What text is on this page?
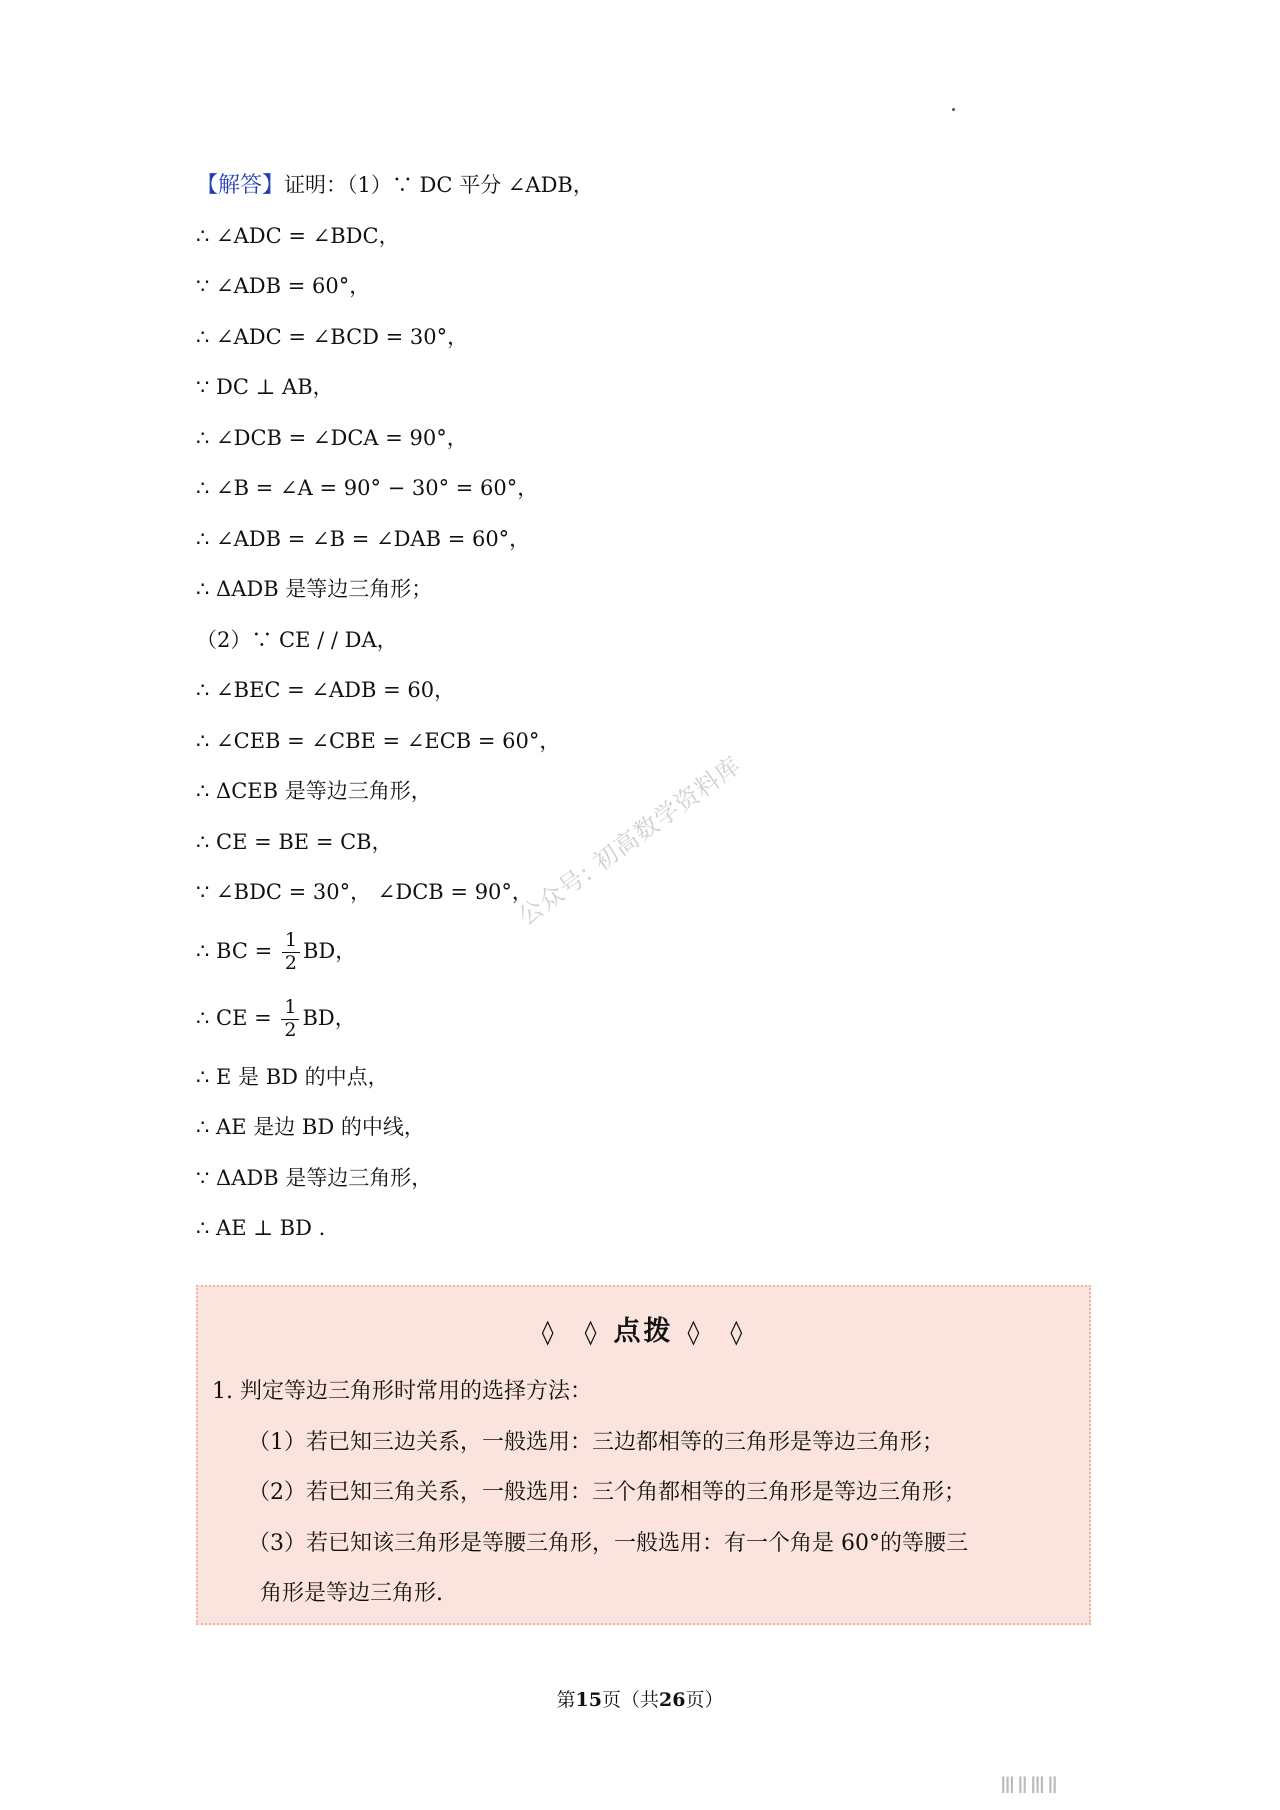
【解答】证明：（1）∵ DC 平分 ∠ADB，
∴ ∠ADC = ∠BDC，
∵ ∠ADB = 60°，
∴ ∠ADC = ∠BCD = 30°，
∵ DC ⊥ AB，
∴ ∠DCB = ∠DCA = 90°，
∴ ∠B = ∠A = 90° − 30° = 60°，
∴ ∠ADB = ∠B = ∠DAB = 60°，
∴ ΔADB 是等边三角形；
（2）∵ CE / / DA，
∴ ∠BEC = ∠ADB = 60，
∴ ∠CEB = ∠CBE = ∠ECB = 60°，
∴ ΔCEB 是等边三角形，
∴ CE = BE = CB，
∵ ∠BDC = 30°， ∠DCB = 90°，
∴ BC = $\frac{1}{2}$ BD，
∴ CE = $\frac{1}{2}$ BD，
∴ E 是 BD 的中点，
∴ AE 是边 BD 的中线，
∵ ΔADB 是等边三角形，
∴ AE ⊥ BD .
公众号: 初高数学资料库
◊ ◊ 点拨 ◊ ◊
1. 判定等边三角形时常用的选择方法：
（1）若已知三边关系，一般选用：三边都相等的三角形是等边三角形；
（2）若已知三角关系，一般选用：三个角都相等的三角形是等边三角形；
（3）若已知该三角形是等腰三角形，一般选用：有一个角是 60°的等腰三
角形是等边三角形.
第15页（共26页）
ⅢⅡⅢⅡ
